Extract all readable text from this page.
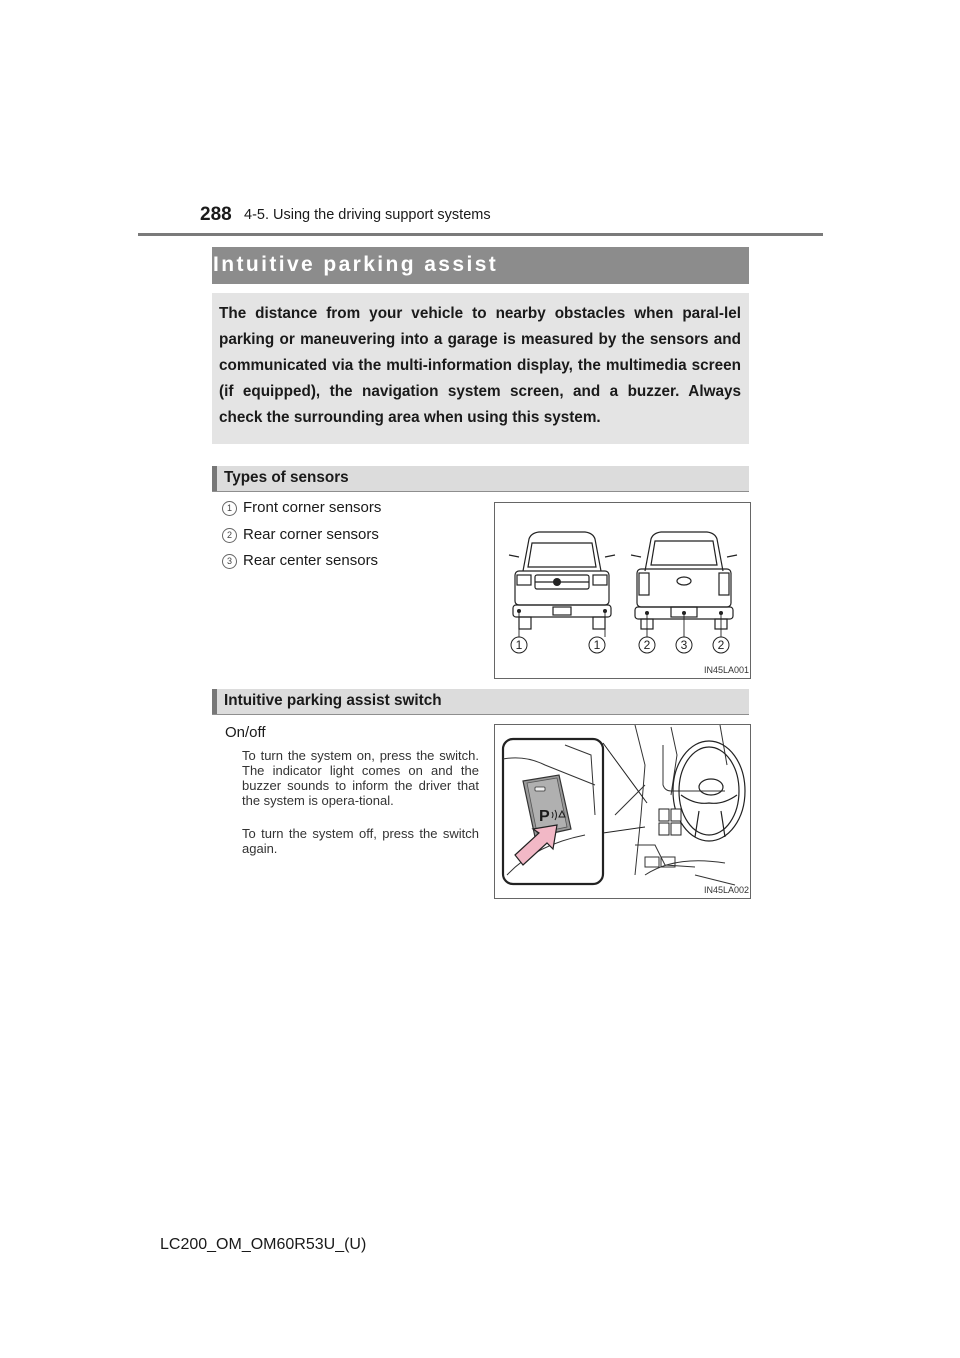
288 4-5. Using the driving support systems
Intuitive parking assist
The distance from your vehicle to nearby obstacles when paral-lel parking or maneuvering into a garage is measured by the sensors and communicated via the multi-information display, the multimedia screen (if equipped), the navigation system screen, and a buzzer. Always check the surrounding area when using this system.
Types of sensors
1 Front corner sensors
2 Rear corner sensors
3 Rear center sensors
1	1	2	3	2
IN45LA001
Intuitive parking assist switch
On/off
To turn the system on, press the switch. The indicator light comes on and the buzzer sounds to inform the driver that the system is opera-tional.
To turn the system off, press the switch again.
P
IN45LA002
LC200_OM_OM60R53U_(U)
